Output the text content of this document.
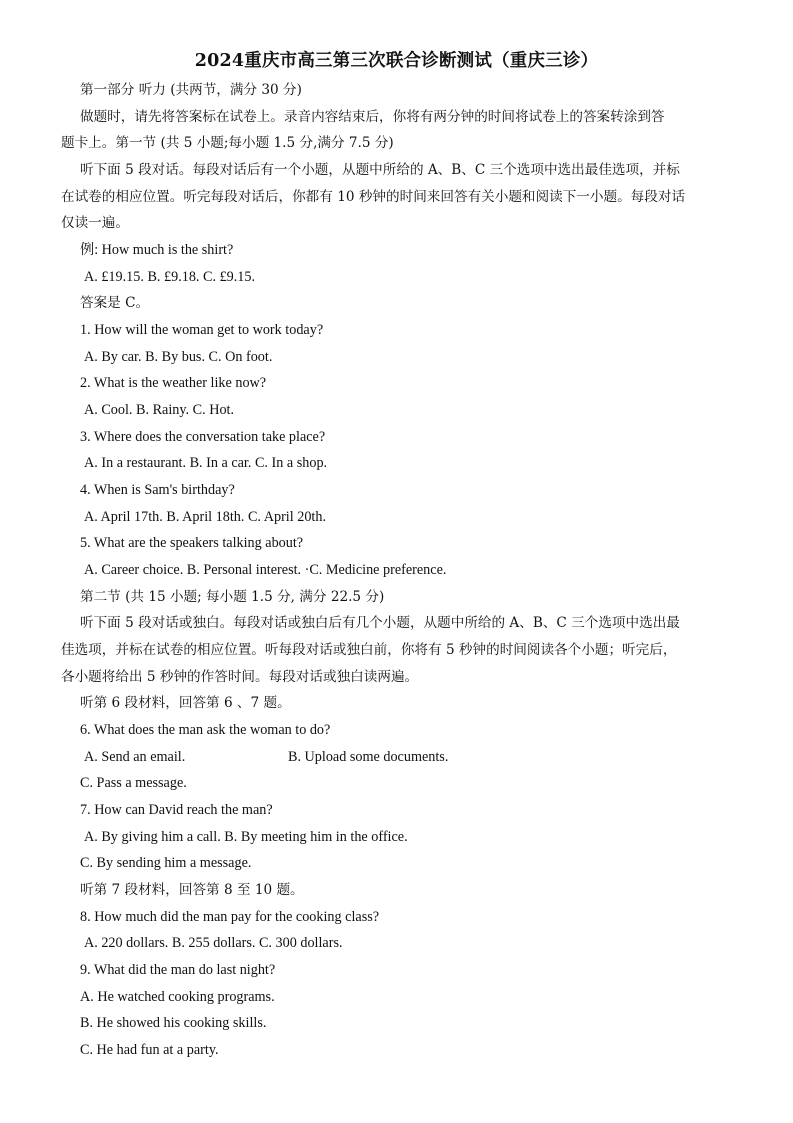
2024重庆市高三第三次联合诊断测试（重庆三诊）
第一部分 听力 (共两节，满分 30 分)
做题时，请先将答案标在试卷上。录音内容结束后，你将有两分钟的时间将试卷上的答案转涂到答
题卡上。第一节 (共 5 小题;每小题 1.5 分,满分 7.5 分)
听下面 5 段对话。每段对话后有一个小题，从题中所给的 A、B、C 三个选项中选出最佳选项，并标
在试卷的相应位置。听完每段对话后，你都有 10 秒钟的时间来回答有关小题和阅读下一小题。每段对话
仅读一遍。
例: How much is the shirt?
A. £19.15. B. £9.18. C. £9.15.
答案是 C。
1. How will the woman get to work today?
A. By car. B. By bus. C. On foot.
2. What is the weather like now?
A. Cool. B. Rainy. C. Hot.
3. Where does the conversation take place?
A. In a restaurant. B. In a car. C. In a shop.
4. When is Sam's birthday?
A. April 17th. B. April 18th. C. April 20th.
5. What are the speakers talking about?
A. Career choice. B. Personal interest. ·C. Medicine preference.
第二节 (共 15 小题; 每小题 1.5 分, 满分 22.5 分)
听下面 5 段对话或独白。每段对话或独白后有几个小题，从题中所给的 A、B、C 三个选项中选出最
佳选项，并标在试卷的相应位置。听每段对话或独白前，你将有 5 秒钟的时间阅读各个小题；听完后，
各小题将给出 5 秒钟的作答时间。每段对话或独白读两遍。
听第 6 段材料，回答第 6 、7 题。
6. What does the man ask the woman to do?
A. Send an email.	B. Upload some documents.
C. Pass a message.
7. How can David reach the man?
A. By giving him a call. B. By meeting him in the office.
C. By sending him a message.
听第 7 段材料，回答第 8 至 10 题。
8. How much did the man pay for the cooking class?
A. 220 dollars. B. 255 dollars. C. 300 dollars.
9. What did the man do last night?
A. He watched cooking programs.
B. He showed his cooking skills.
C. He had fun at a party.
